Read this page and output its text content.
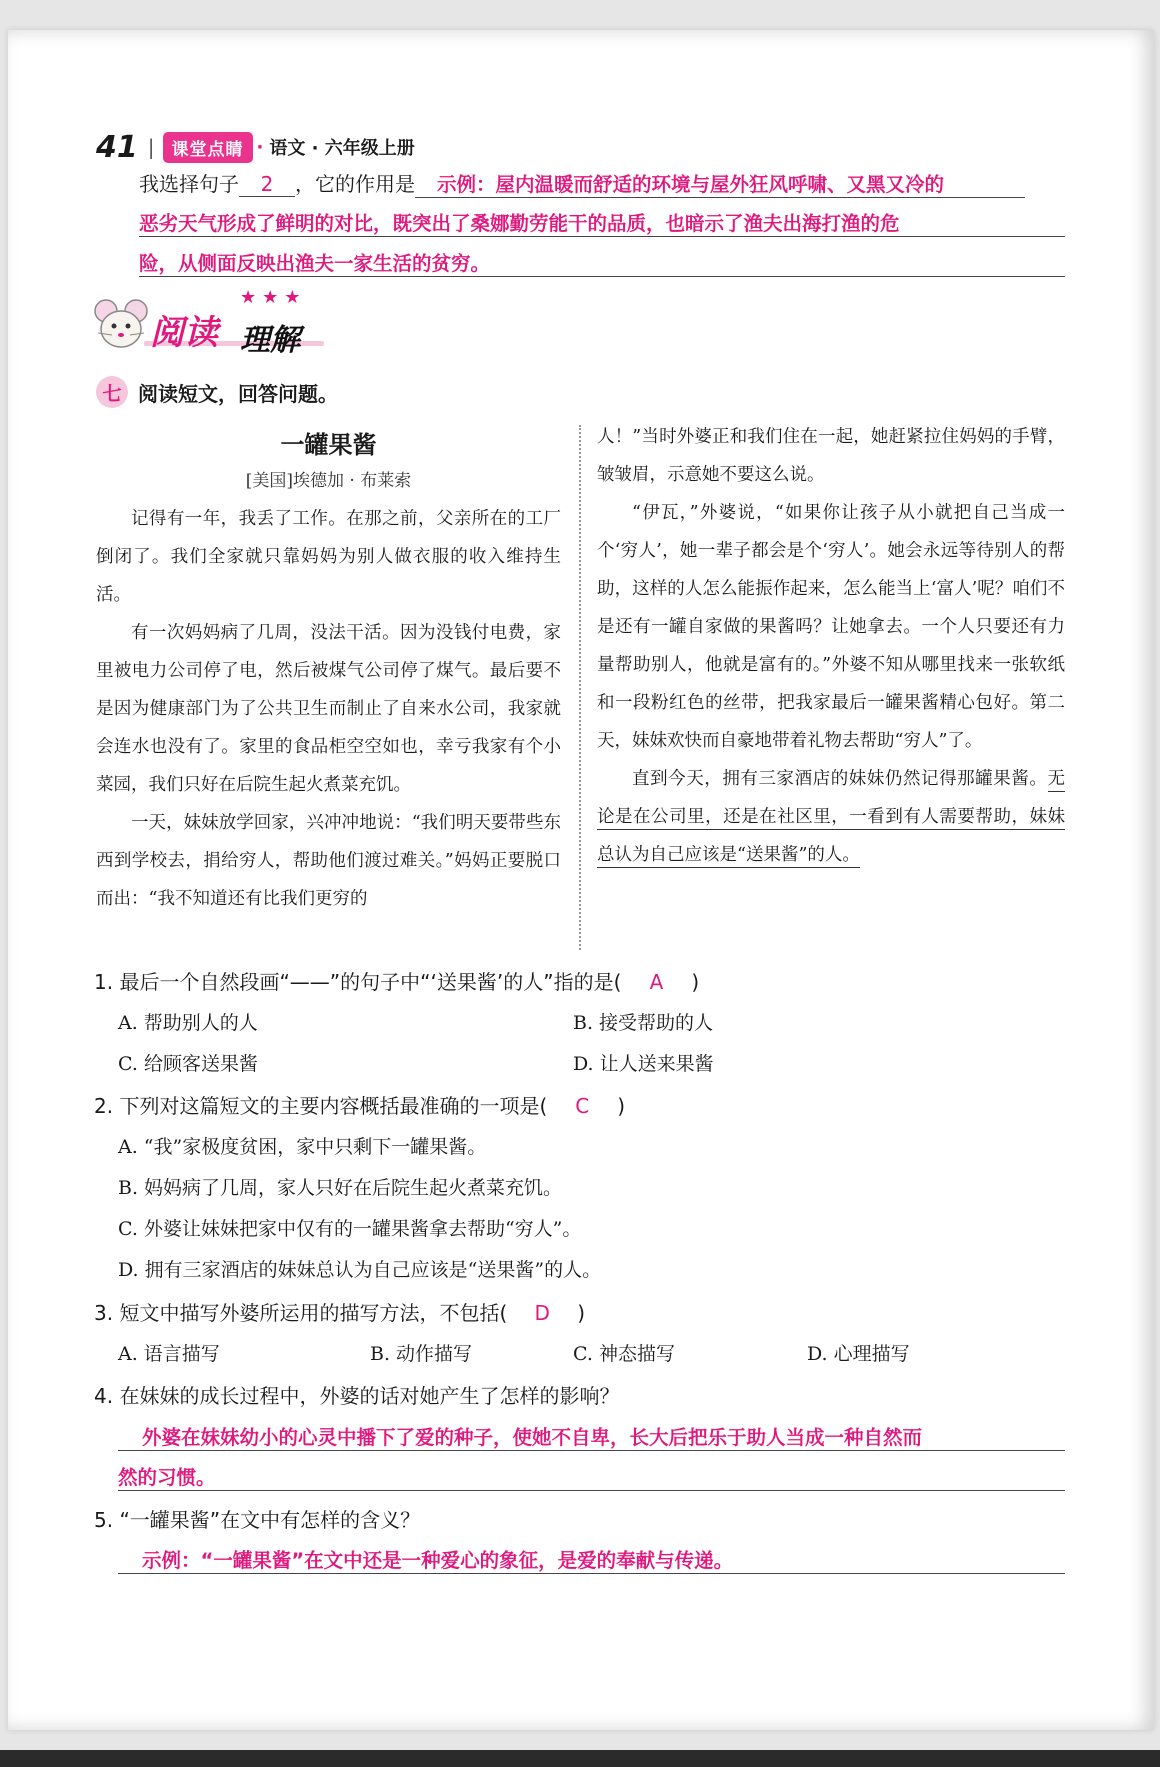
41 |	课堂点睛 · 语文 · 六年级上册
我选择句子 2 ，它的作用是 示例：屋内温暖而舒适的环境与屋外狂风呼啸、又黑又冷的
恶劣天气形成了鲜明的对比，既突出了桑娜勤劳能干的品质，也暗示了渔夫出海打渔的危
险，从侧面反映出渔夫一家生活的贫穷。
★★★
阅读 理解
七 阅读短文，回答问题。
一罐果酱
[美国]埃德加 · 布莱索

记得有一年，我丢了工作。在那之前，父亲所在的工厂倒闭了。我们全家就只靠妈妈为别人做衣服的收入维持生活。

有一次妈妈病了几周，没法干活。因为没钱付电费，家里被电力公司停了电，然后被煤气公司停了煤气。最后要不是因为健康部门为了公共卫生而制止了自来水公司，我家就会连水也没有了。家里的食品柜空空如也，幸亏我家有个小菜园，我们只好在后院生起火煮菜充饥。

一天，妹妹放学回家，兴冲冲地说：“我们明天要带些东西到学校去，捐给穷人，帮助他们渡过难关。”妈妈正要脱口而出：“我不知道还有比我们更穷的

人！”当时外婆正和我们住在一起，她赶紧拉住妈妈的手臂，皱皱眉，示意她不要这么说。

“伊瓦，”外婆说，“如果你让孩子从小就把自己当成一个‘穷人’，她一辈子都会是个‘穷人’。她会永远等待别人的帮助，这样的人怎么能振作起来，怎么能当上‘富人’呢？咱们不是还有一罐自家做的果酱吗？让她拿去。一个人只要还有力量帮助别人，他就是富有的。”外婆不知从哪里找来一张软纸和一段粉红色的丝带，把我家最后一罐果酱精心包好。第二天，妹妹欢快而自豪地带着礼物去帮助“穷人”了。

直到今天，拥有三家酒店的妹妹仍然记得那罐果酱。无论是在公司里，还是在社区里，一看到有人需要帮助，妹妹总认为自己应该是“送果酱”的人。

1. 最后一个自然段画“——”的句子中“‘送果酱’的人”指的是( A )
A. 帮助别人的人	B. 接受帮助的人
C. 给顾客送果酱	D. 让人送来果酱
2. 下列对这篇短文的主要内容概括最准确的一项是( C )
A. “我”家极度贫困，家中只剩下一罐果酱。
B. 妈妈病了几周，家人只好在后院生起火煮菜充饥。
C. 外婆让妹妹把家中仅有的一罐果酱拿去帮助“穷人”。
D. 拥有三家酒店的妹妹总认为自己应该是“送果酱”的人。
3. 短文中描写外婆所运用的描写方法，不包括( D )
A. 语言描写	B. 动作描写	C. 神态描写	D. 心理描写
4. 在妹妹的成长过程中，外婆的话对她产生了怎样的影响？
外婆在妹妹幼小的心灵中播下了爱的种子，使她不自卑，长大后把乐于助人当成一种自然而
然的习惯。
5. “一罐果酱”在文中有怎样的含义？
示例：“一罐果酱”在文中还是一种爱心的象征，是爱的奉献与传递。
